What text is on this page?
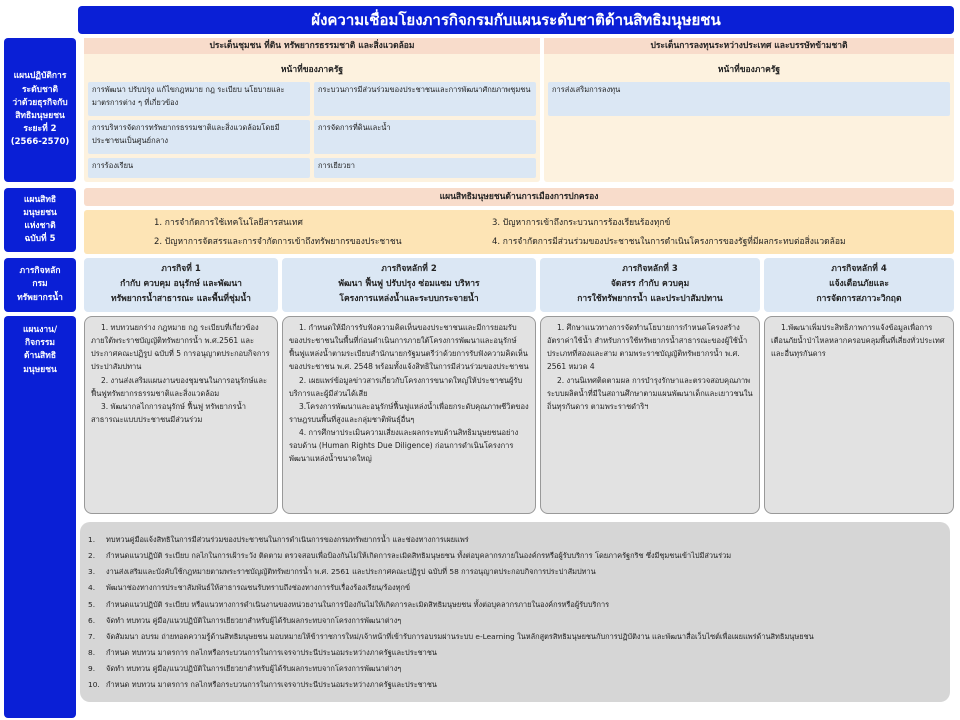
ผังความเชื่อมโยงภารกิจกรมกับแผนระดับชาติด้านสิทธิมนุษยชน
แผนปฏิบัติการ
ระดับชาติ
ว่าด้วยธุรกิจกับ
สิทธิมนุษยชน
ระยะที่ 2
(2566-2570)
แผนสิทธิ
มนุษยชน
แห่งชาติ
ฉบับที่ 5
ภารกิจหลัก
กรม
ทรัพยากรน้ำ
แผนงาน/
กิจกรรม
ด้านสิทธิ
มนุษยชน
ประเด็นชุมชน ที่ดิน ทรัพยากรธรรมชาติ และสิ่งแวดล้อม
หน้าที่ของภาครัฐ
การพัฒนา ปรับปรุง แก้ไขกฎหมาย กฎ ระเบียบ นโยบายและมาตรการต่าง ๆ ที่เกี่ยวข้อง
กระบวนการมีส่วนร่วมของประชาชนและการพัฒนาศักยภาพชุมชน
การบริหารจัดการทรัพยากรธรรมชาติและสิ่งแวดล้อมโดยมีประชาชนเป็นศูนย์กลาง
การจัดการที่ดินและน้ำ
การร้องเรียน	การเยียวยา
ประเด็นการลงทุนระหว่างประเทศ และบรรษัทข้ามชาติ
หน้าที่ของภาครัฐ
การส่งเสริมการลงทุน
แผนสิทธิมนุษยชนด้านการเมืองการปกครอง
1. การจำกัดการใช้เทคโนโลยีสารสนเทศ
2. ปัญหาการจัดสรรและการจำกัดการเข้าถึงทรัพยากรของประชาชน
3. ปัญหาการเข้าถึงกระบวนการร้องเรียนร้องทุกข์
4. การจำกัดการมีส่วนร่วมของประชาชนในการดำเนินโครงการของรัฐที่มีผลกระทบต่อสิ่งแวดล้อม
ภารกิจที่ 1
กำกับ ควบคุม อนุรักษ์ และพัฒนา
ทรัพยากรน้ำสาธารณะ และพื้นที่ชุ่มน้ำ
ภารกิจหลักที่ 2
พัฒนา ฟื้นฟู ปรับปรุง ซ่อมแซม บริหาร
โครงการแหล่งน้ำและระบบกระจายน้ำ
ภารกิจหลักที่ 3
จัดสรร กำกับ ควบคุม
การใช้ทรัพยากรน้ำ และประปาสัมปทาน
ภารกิจหลักที่ 4
แจ้งเตือนภัยและ
การจัดการสภาวะวิกฤต

1. ทบทวนยกร่าง กฎหมาย กฎ ระเบียบที่เกี่ยวข้องภายใต้พระราชบัญญัติทรัพยากรน้ำ พ.ศ.2561 และประกาศคณะปฏิรูป ฉบับที่ 5 การอนุญาตประกอบกิจการประปาสัมปทาน

2. งานส่งเสริมแผนงานของชุมชนในการอนุรักษ์และฟื้นฟูทรัพยากรธรรมชาติและสิ่งแวดล้อม

3. พัฒนากลไกการอนุรักษ์ ฟื้นฟู ทรัพยากรน้ำสาธารณะแบบประชาชนมีส่วนร่วม

1. กำหนดให้มีการรับฟังความคิดเห็นของประชาชนและมีการยอมรับของประชาชนในพื้นที่ก่อนดำเนินการภายใต้โครงการพัฒนาและอนุรักษ์ฟื้นฟูแหล่งน้ำตามระเบียบสำนักนายกรัฐมนตรีว่าด้วยการรับฟังความคิดเห็นของประชาชน พ.ศ. 2548 พร้อมทั้งแจ้งสิทธิในการมีส่วนร่วมของประชาชน

2. เผยแพร่ข้อมูลข่าวสารเกี่ยวกับโครงการขนาดใหญ่ให้ประชาชนผู้รับบริการและผู้มีส่วนได้เสีย

3.โครงการพัฒนาและอนุรักษ์ฟื้นฟูแหล่งน้ำเพื่อยกระดับคุณภาพชีวิตของราษฎรบนพื้นที่สูงและกลุ่มชาติพันธุ์อื่นๆ

4. การศึกษาประเมินความเสี่ยงและผลกระทบด้านสิทธิมนุษยชนอย่างรอบด้าน (Human Rights Due Diligence) ก่อนการดำเนินโครงการพัฒนาแหล่งน้ำขนาดใหญ่

1. ศึกษาแนวทางการจัดทำนโยบายการกำหนดโครงสร้างอัตราค่าใช้น้ำ สำหรับการใช้ทรัพยากรน้ำสาธารณะของผู้ใช้น้ำประเภทที่สองและสาม ตามพระราชบัญญัติทรัพยากรน้ำ พ.ศ. 2561 หมวด 4

2. งานนิเทศติดตามผล การบำรุงรักษาและตรวจสอบคุณภาพระบบผลิตน้ำที่มีในสถานศึกษาตามแผนพัฒนาเด็กและเยาวชนในถิ่นทุรกันดาร ตามพระราชดำริฯ

1.พัฒนาเพิ่มประสิทธิภาพการแจ้งข้อมูลเพื่อการเตือนภัยน้ำป่าไหลหลากครอบคลุมพื้นที่เสี่ยงทั่วประเทศ และอื่นทุรกันดาร

1. ทบทวนคู่มือแจ้งสิทธิในการมีส่วนร่วมของประชาชนในการดำเนินการของกรมทรัพยากรน้ำ และช่องทางการเผยแพร่
2. กำหนดแนวปฏิบัติ ระเบียบ กลไกในการเฝ้าระวัง ติดตาม ตรวจสอบเพื่อป้องกันไม่ให้เกิดการละเมิดสิทธิมนุษยชน ทั้งต่อบุคลากรภายในองค์กรหรือผู้รับบริการ โดยภาครัฐกริช ซึ่งมีชุมชนเข้าไปมีส่วนร่วม
3. งานส่งเสริมและบังคับใช้กฎหมายตามพระราชบัญญัติทรัพยากรน้ำ พ.ศ. 2561 และประกาศคณะปฏิรูป ฉบับที่ 58 การอนุญาตประกอบกิจการประปาสัมปทาน
4. พัฒนาช่องทางการประชาสัมพันธ์ให้สาธารณชนรับทราบถึงช่องทางการรับเรื่องร้องเรียน/ร้องทุกข์
5. กำหนดแนวปฏิบัติ ระเบียบ หรือแนวทางการดำเนินงานของหน่วยงานในการป้องกันไม่ให้เกิดการละเมิดสิทธิมนุษยชน ทั้งต่อบุคลากรภายในองค์กรหรือผู้รับบริการ
6. จัดทำ ทบทวน คู่มือ/แนวปฏิบัติในการเยียวยาสำหรับผู้ได้รับผลกระทบจากโครงการพัฒนาต่างๆ
7. จัดสัมมนา อบรม ถ่ายทอดความรู้ด้านสิทธิมนุษยชน มอบหมายให้ข้าราชการใหม่/เจ้าหน้าที่เข้ารับการอบรมผ่านระบบ e-Learning ในหลักสูตรสิทธิมนุษยชนกับการปฏิบัติงาน และพัฒนาสื่อเว็บไซต์เพื่อเผยแพร่ด้านสิทธิมนุษยชน
8. กำหนด ทบทวน มาตรการ กลไกหรือกระบวนการในการเจรจาประนีประนอมระหว่างภาครัฐและประชาชน
9. จัดทำ ทบทวน คู่มือ/แนวปฏิบัติในการเยียวยาสำหรับผู้ได้รับผลกระทบจากโครงการพัฒนาต่างๆ
10. กำหนด ทบทวน มาตรการ กลไกหรือกระบวนการในการเจรจาประนีประนอมระหว่างภาครัฐและประชาชน
